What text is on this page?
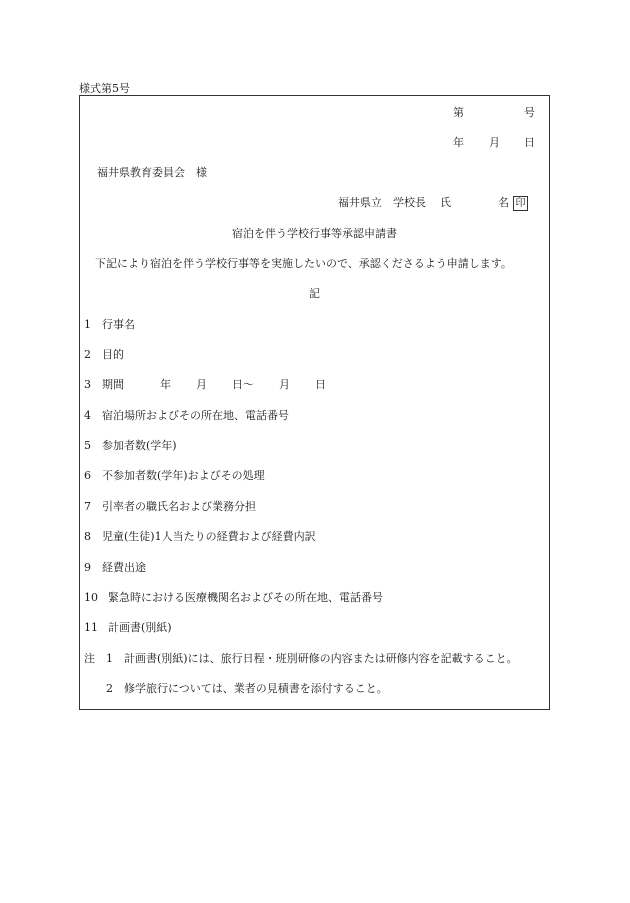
様式第5号
第	号
年 月 日
福井県教育委員会　様
福井県立 学校長 氏	名 印
宿泊を伴う学校行事等承認申請書
下記により宿泊を伴う学校行事等を実施したいので、承認くださるよう申請します。
記
1 行事名
2 目的
3 期間	年 月 日～ 月 日
4 宿泊場所およびその所在地、電話番号
5 参加者数(学年)
6 不参加者数(学年)およびその処理
7 引率者の職氏名および業務分担
8 児童(生徒)1人当たりの経費および経費内訳
9 経費出途
10 緊急時における医療機関名およびその所在地、電話番号
11 計画書(別紙)
注 1 計画書(別紙)には、旅行日程・班別研修の内容または研修内容を記載すること。
2 修学旅行については、業者の見積書を添付すること。
